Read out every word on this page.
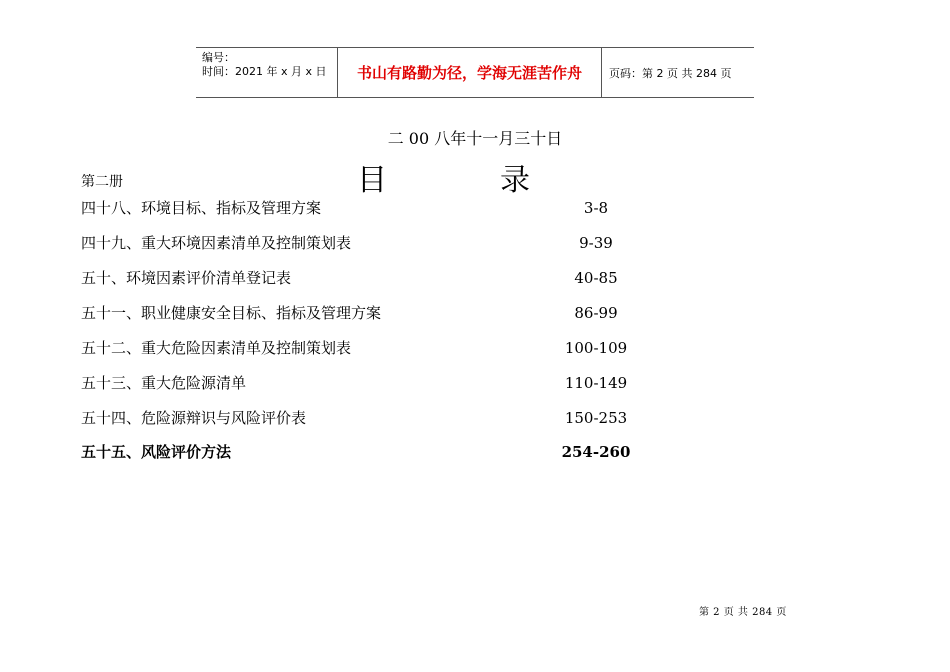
编号：
时间：2021 年 x 月 x 日	书山有路勤为径，学海无涯苦作舟	页码：第 2 页 共 284 页
二 00 八年十一月三十日
第二册	目	录
四十八、环境目标、指标及管理方案	3-8
四十九、重大环境因素清单及控制策划表	9-39
五十、环境因素评价清单登记表	40-85
五十一、职业健康安全目标、指标及管理方案	86-99
五十二、重大危险因素清单及控制策划表	100-109
五十三、重大危险源清单	110-149
五十四、危险源辩识与风险评价表	150-253
五十五、风险评价方法	254-260
第 2 页 共 284 页
